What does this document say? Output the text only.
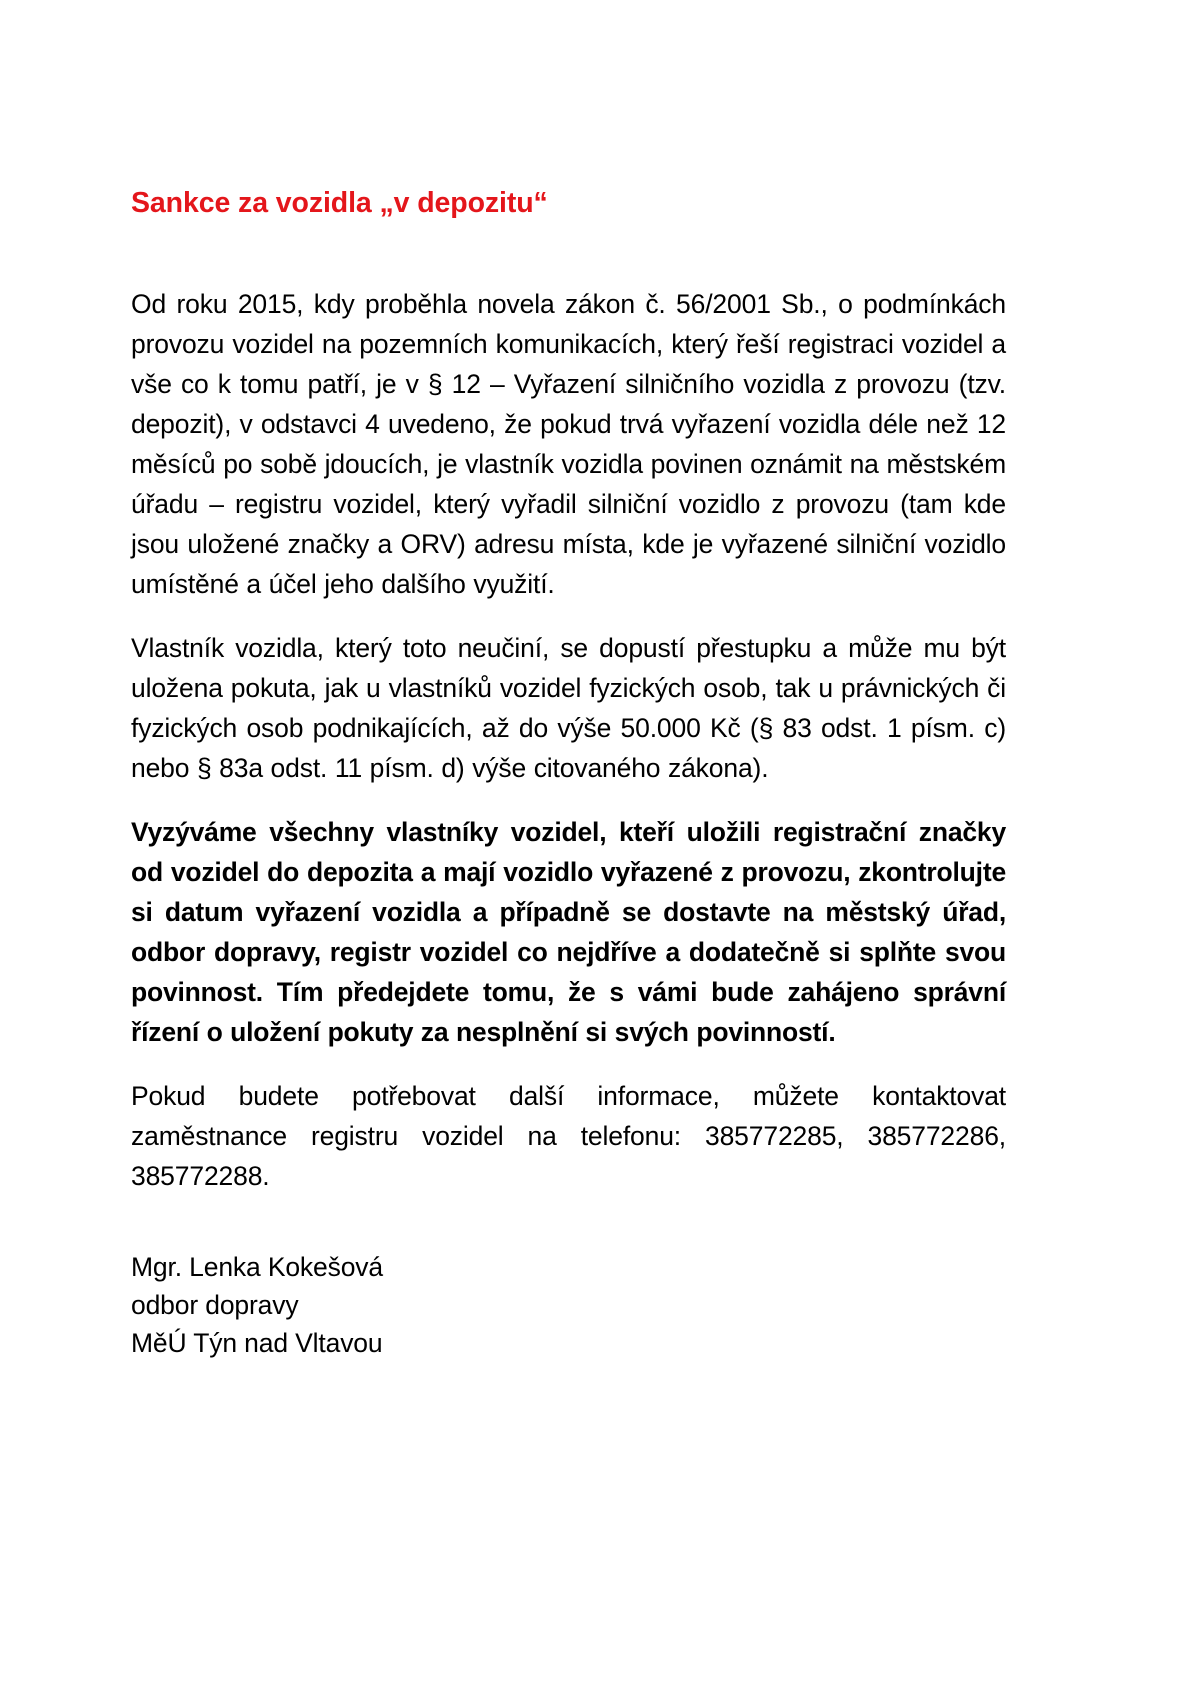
Sankce za vozidla „v depozitu“

Od roku 2015, kdy proběhla novela zákon č. 56/2001 Sb., o podmínkách provozu vozidel na pozemních komunikacích, který řeší registraci vozidel a vše co k tomu patří, je v § 12 – Vyřazení silničního vozidla z provozu (tzv. depozit), v odstavci 4 uvedeno, že pokud trvá vyřazení vozidla déle než 12 měsíců po sobě jdoucích, je vlastník vozidla povinen oznámit na městském úřadu – registru vozidel, který vyřadil silniční vozidlo z provozu (tam kde jsou uložené značky a ORV) adresu místa, kde je vyřazené silniční vozidlo umístěné a účel jeho dalšího využití.

Vlastník vozidla, který toto neučiní, se dopustí přestupku a může mu být uložena pokuta, jak u vlastníků vozidel fyzických osob, tak u právnických či fyzických osob podnikajících, až do výše 50.000 Kč (§ 83 odst. 1 písm. c) nebo § 83a odst. 11 písm. d) výše citovaného zákona).

Vyzýváme všechny vlastníky vozidel, kteří uložili registrační značky od vozidel do depozita a mají vozidlo vyřazené z provozu, zkontrolujte si datum vyřazení vozidla a případně se dostavte na městský úřad, odbor dopravy, registr vozidel co nejdříve a dodatečně si splňte svou povinnost. Tím předejdete tomu, že s vámi bude zahájeno správní řízení o uložení pokuty za nesplnění si svých povinností.

Pokud budete potřebovat další informace, můžete kontaktovat zaměstnance registru vozidel na telefonu: 385772285, 385772286, 385772288.

Mgr. Lenka Kokešová

odbor dopravy

MěÚ Týn nad Vltavou
